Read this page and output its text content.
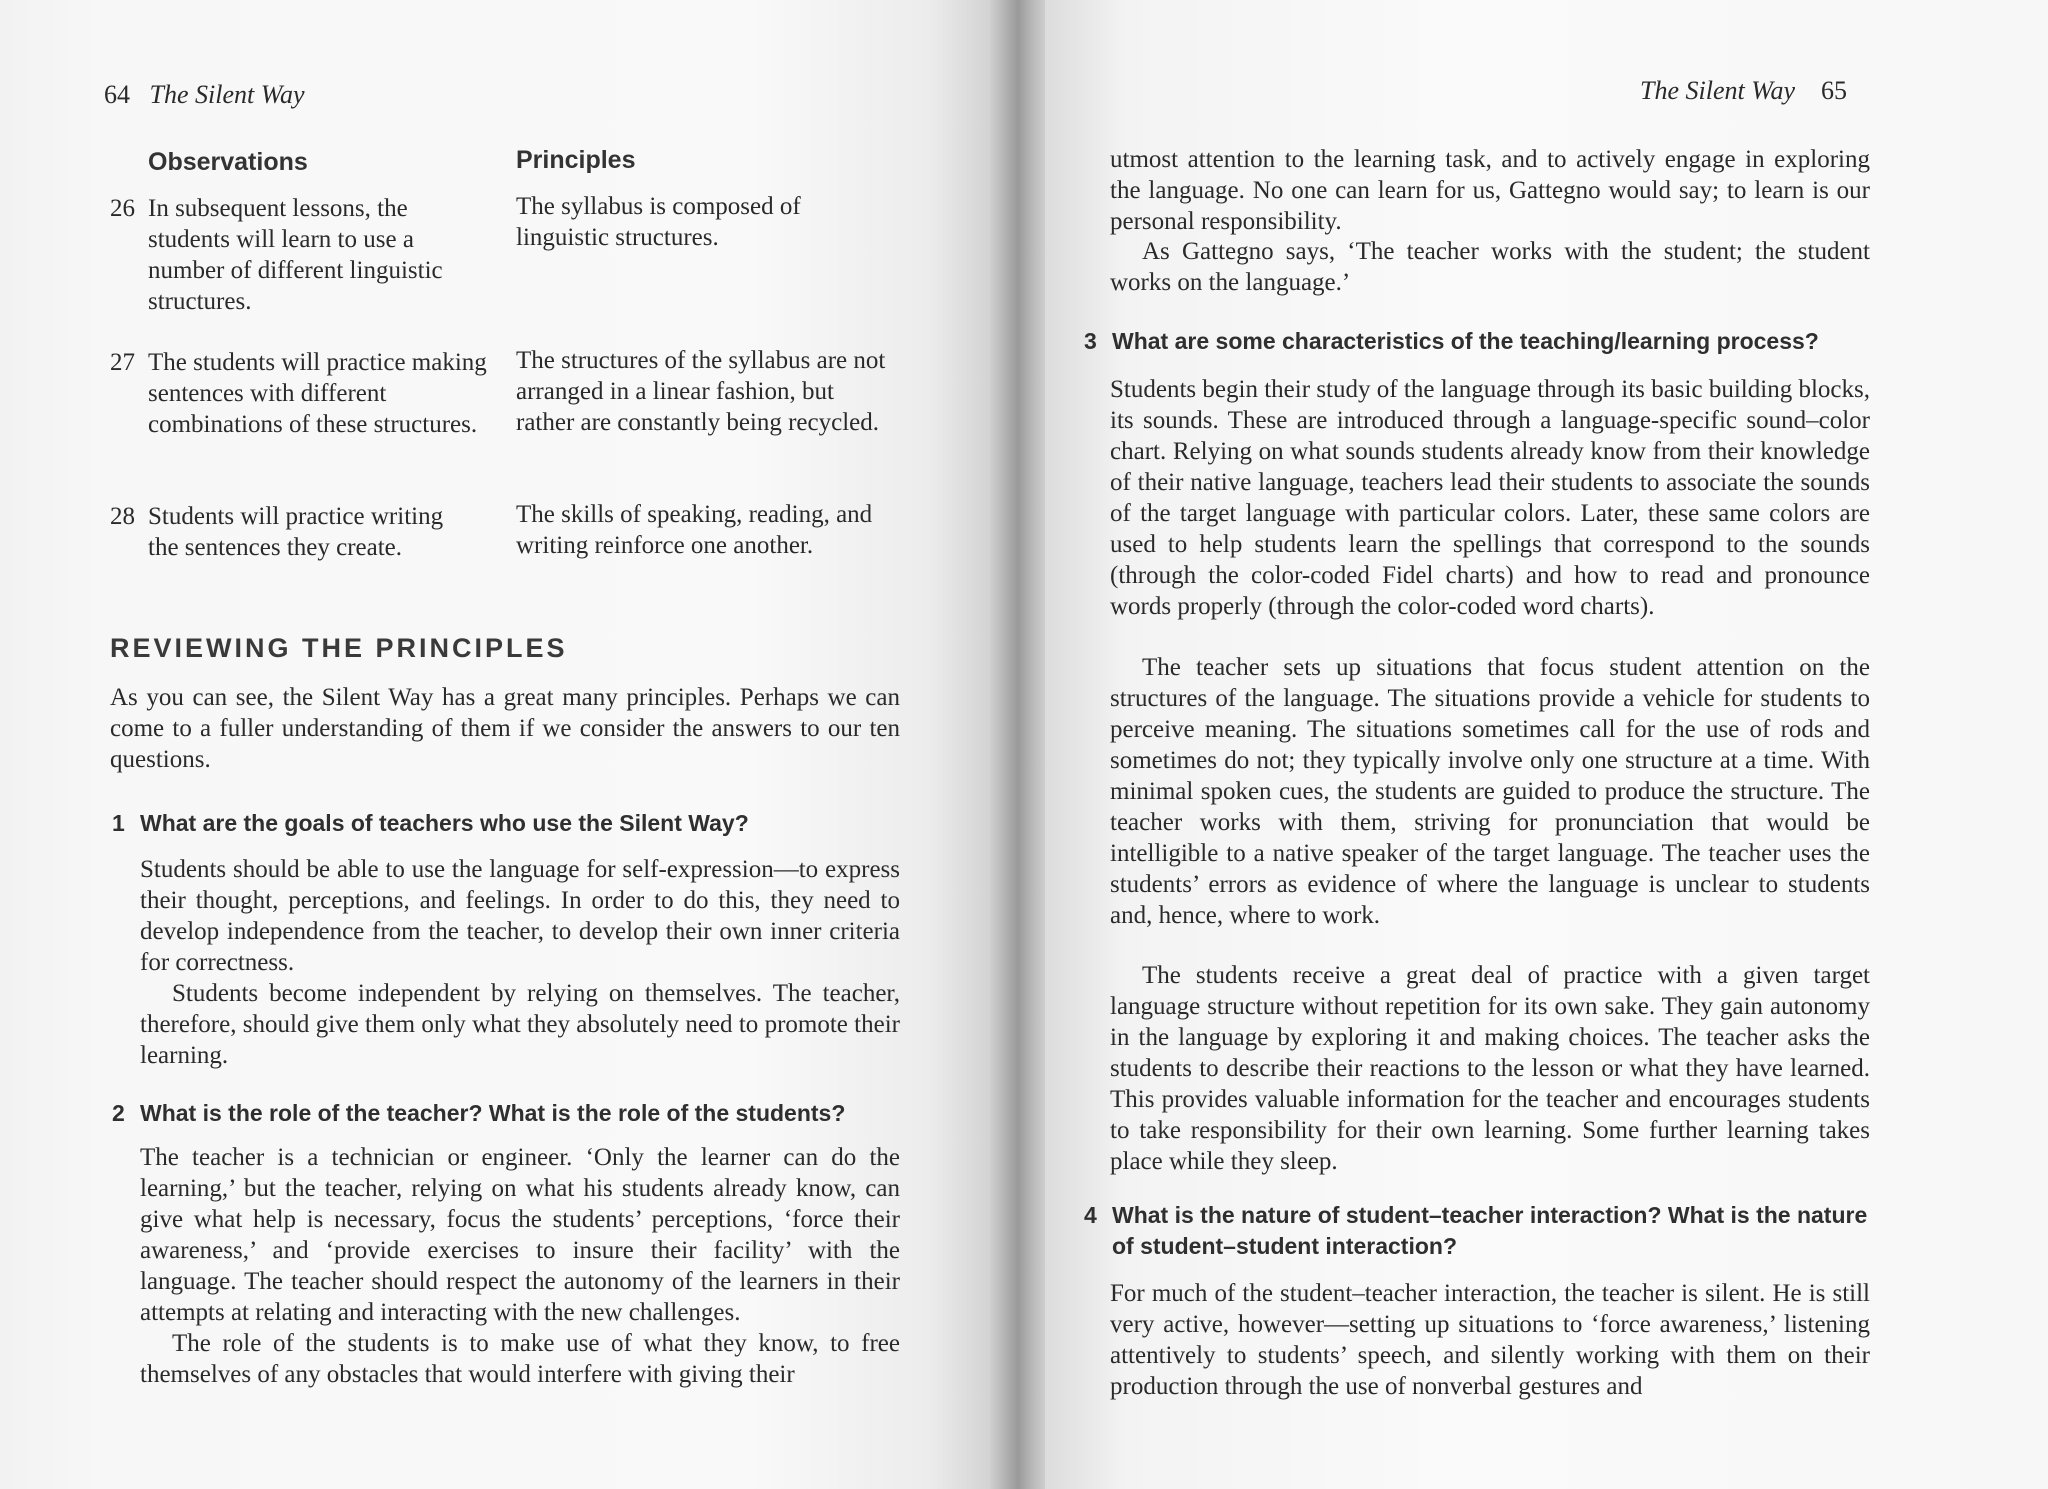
64 The Silent Way
Observations	Principles
26 In subsequent lessons, the students will learn to use a number of different linguistic structures.
The syllabus is composed of linguistic structures.
27 The students will practice making sentences with different combinations of these structures.
The structures of the syllabus are not arranged in a linear fashion, but rather are constantly being recycled.
28 Students will practice writing the sentences they create.
The skills of speaking, reading, and writing reinforce one another.
REVIEWING THE PRINCIPLES
As you can see, the Silent Way has a great many principles. Perhaps we can come to a fuller understanding of them if we consider the answers to our ten questions.
1 What are the goals of teachers who use the Silent Way?
Students should be able to use the language for self-expression—to express their thought, perceptions, and feelings. In order to do this, they need to develop independence from the teacher, to develop their own inner criteria for correctness.
Students become independent by relying on themselves. The teacher, therefore, should give them only what they absolutely need to promote their learning.
2 What is the role of the teacher? What is the role of the students?
The teacher is a technician or engineer. ‘Only the learner can do the learning,’ but the teacher, relying on what his students already know, can give what help is necessary, focus the students’ perceptions, ‘force their awareness,’ and ‘provide exercises to insure their facility’ with the language. The teacher should respect the autonomy of the learners in their attempts at relating and interacting with the new challenges.
The role of the students is to make use of what they know, to free themselves of any obstacles that would interfere with giving their
The Silent Way 65
utmost attention to the learning task, and to actively engage in exploring the language. No one can learn for us, Gattegno would say; to learn is our personal responsibility.
As Gattegno says, ‘The teacher works with the student; the student works on the language.’
3 What are some characteristics of the teaching/learning process?
Students begin their study of the language through its basic building blocks, its sounds. These are introduced through a language-specific sound–color chart. Relying on what sounds students already know from their knowledge of their native language, teachers lead their students to associate the sounds of the target language with particular colors. Later, these same colors are used to help students learn the spellings that correspond to the sounds (through the color-coded Fidel charts) and how to read and pronounce words properly (through the color-coded word charts).
The teacher sets up situations that focus student attention on the structures of the language. The situations provide a vehicle for students to perceive meaning. The situations sometimes call for the use of rods and sometimes do not; they typically involve only one structure at a time. With minimal spoken cues, the students are guided to produce the structure. The teacher works with them, striving for pronunciation that would be intelligible to a native speaker of the target language. The teacher uses the students’ errors as evidence of where the language is unclear to students and, hence, where to work.
The students receive a great deal of practice with a given target language structure without repetition for its own sake. They gain autonomy in the language by exploring it and making choices. The teacher asks the students to describe their reactions to the lesson or what they have learned. This provides valuable information for the teacher and encourages students to take responsibility for their own learning. Some further learning takes place while they sleep.
4 What is the nature of student–teacher interaction? What is the nature of student–student interaction?
For much of the student–teacher interaction, the teacher is silent. He is still very active, however—setting up situations to ‘force awareness,’ listening attentively to students’ speech, and silently working with them on their production through the use of nonverbal gestures and
